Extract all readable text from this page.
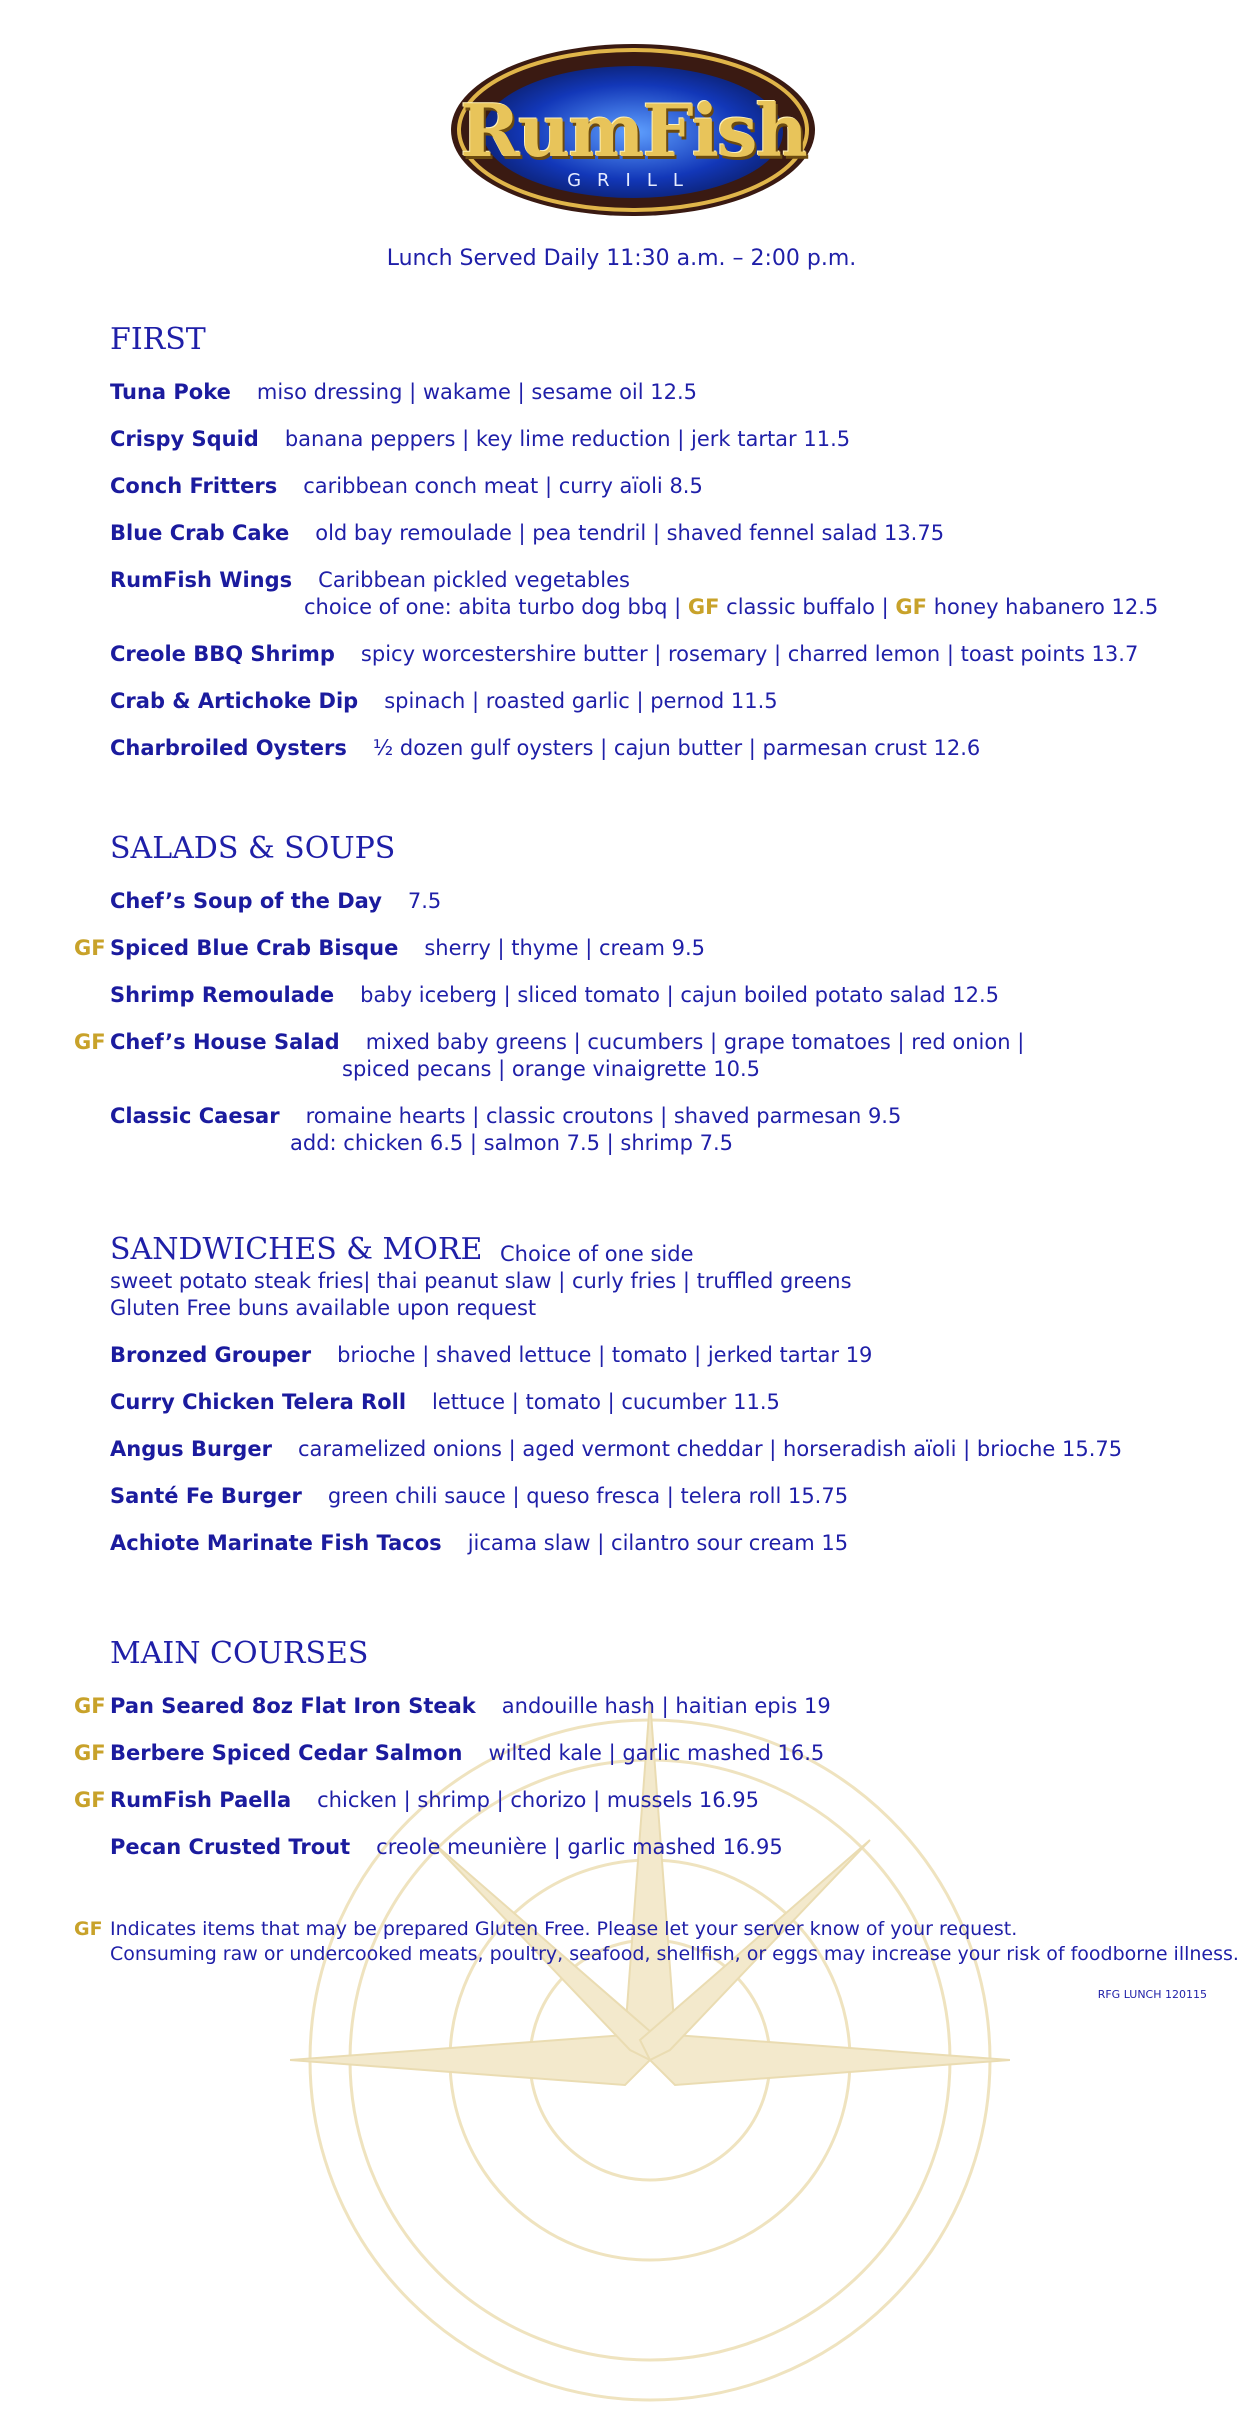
RumFish
GRILL
Lunch Served Daily 11:30 a.m. – 2:00 p.m.
FIRST
Tuna Poke miso dressing | wakame | sesame oil 12.5
Crispy Squid banana peppers | key lime reduction | jerk tartar 11.5
Conch Fritters caribbean conch meat | curry aïoli 8.5
Blue Crab Cake old bay remoulade | pea tendril | shaved fennel salad 13.75
RumFish Wings Caribbean pickled vegetables
choice of one: abita turbo dog bbq | GF classic buffalo | GF honey habanero 12.5
Creole BBQ Shrimp spicy worcestershire butter | rosemary | charred lemon | toast points 13.7
Crab & Artichoke Dip spinach | roasted garlic | pernod 11.5
Charbroiled Oysters ½ dozen gulf oysters | cajun butter | parmesan crust 12.6
SALADS & SOUPS
Chef’s Soup of the Day 7.5
GF Spiced Blue Crab Bisque sherry | thyme | cream 9.5
Shrimp Remoulade baby iceberg | sliced tomato | cajun boiled potato salad 12.5
GF Chef’s House Salad mixed baby greens | cucumbers | grape tomatoes | red onion |
spiced pecans | orange vinaigrette 10.5
Classic Caesar romaine hearts | classic croutons | shaved parmesan 9.5
add: chicken 6.5 | salmon 7.5 | shrimp 7.5
SANDWICHES & MORE Choice of one side
sweet potato steak fries| thai peanut slaw | curly fries | truffled greens
Gluten Free buns available upon request
Bronzed Grouper brioche | shaved lettuce | tomato | jerked tartar 19
Curry Chicken Telera Roll lettuce | tomato | cucumber 11.5
Angus Burger caramelized onions | aged vermont cheddar | horseradish aïoli | brioche 15.75
Santé Fe Burger green chili sauce | queso fresca | telera roll 15.75
Achiote Marinate Fish Tacos jicama slaw | cilantro sour cream 15
MAIN COURSES
GF Pan Seared 8oz Flat Iron Steak andouille hash | haitian epis 19
GF Berbere Spiced Cedar Salmon wilted kale | garlic mashed 16.5
GF RumFish Paella chicken | shrimp | chorizo | mussels 16.95
Pecan Crusted Trout creole meunière | garlic mashed 16.95
GF Indicates items that may be prepared Gluten Free. Please let your server know of your request.
Consuming raw or undercooked meats, poultry, seafood, shellfish, or eggs may increase your risk of foodborne illness.
RFG LUNCH 120115
